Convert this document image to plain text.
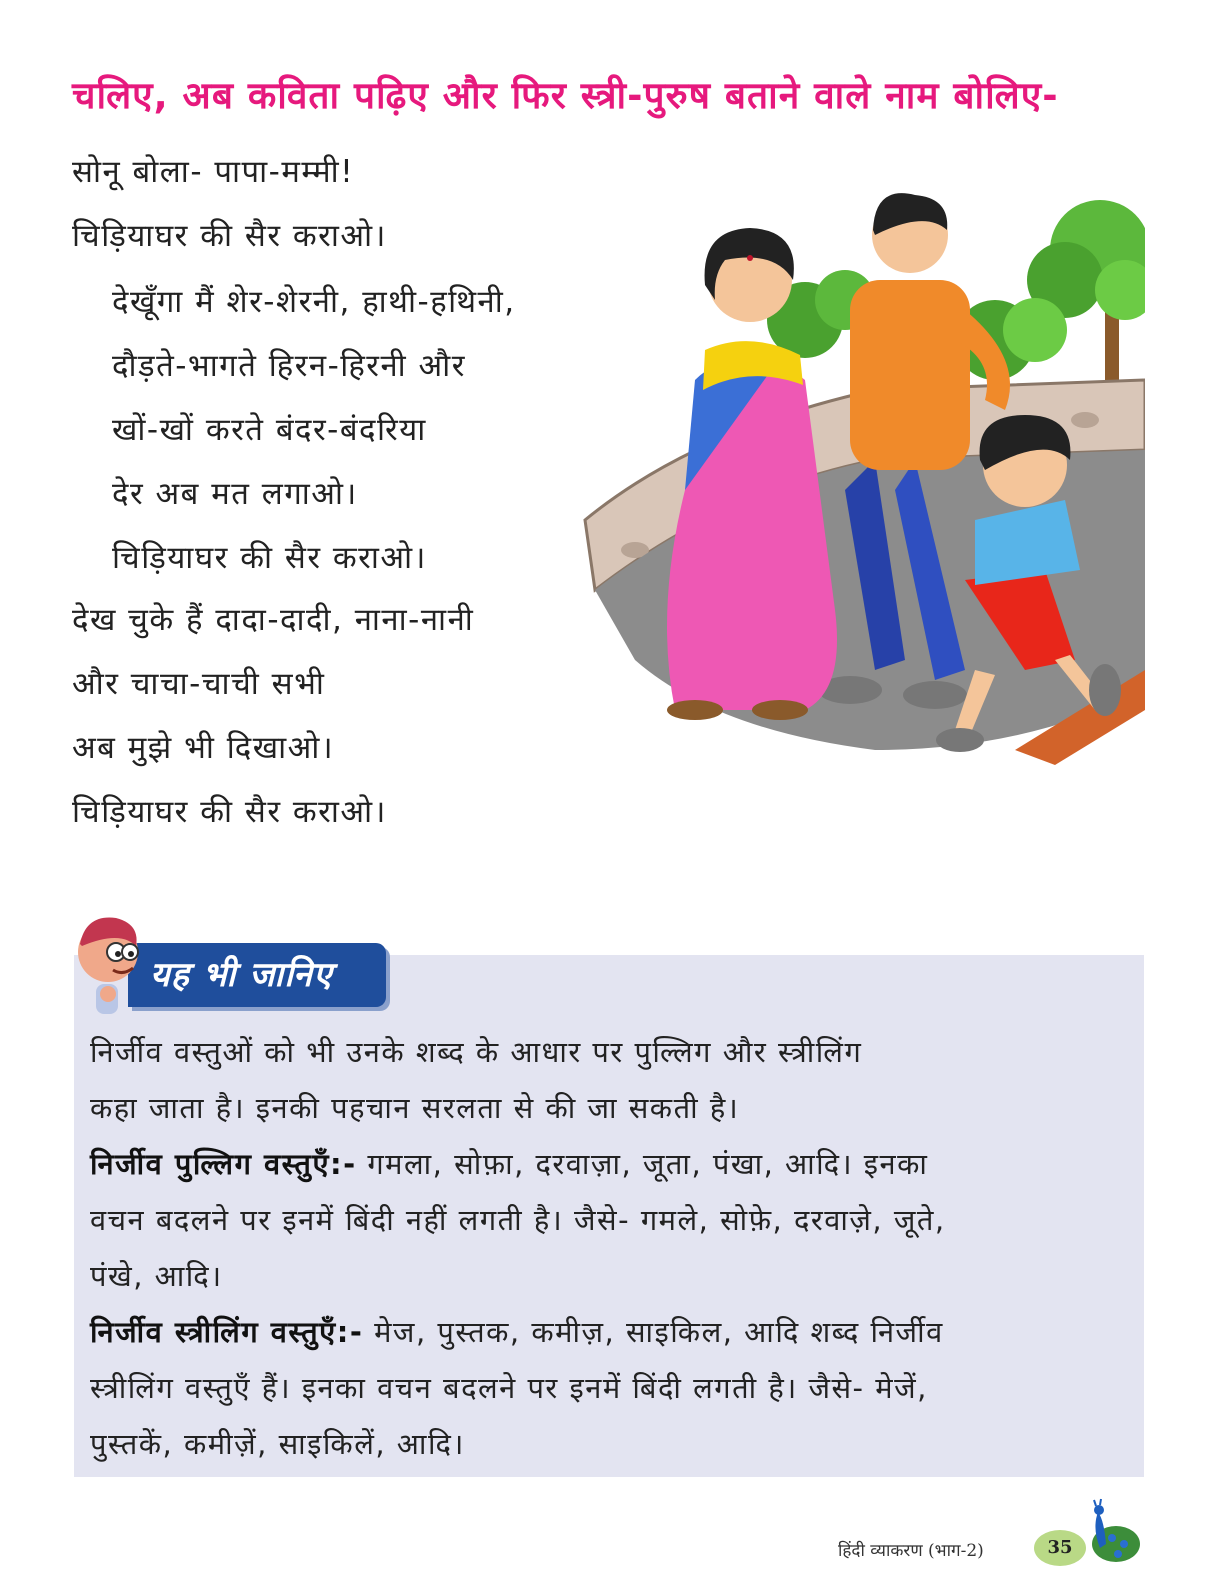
चलिए, अब कविता पढ़िए और फिर स्त्री-पुरुष बताने वाले नाम बोलिए-
सोनू बोला- पापा-मम्मी!
चिड़ियाघर की सैर कराओ।
देखूँगा मैं शेर-शेरनी, हाथी-हथिनी,
दौड़ते-भागते हिरन-हिरनी और
खों-खों करते बंदर-बंदरिया
देर अब मत लगाओ।
चिड़ियाघर की सैर कराओ।
देख चुके हैं दादा-दादी, नाना-नानी
और चाचा-चाची सभी
अब मुझे भी दिखाओ।
चिड़ियाघर की सैर कराओ।
यह भी जानिए
निर्जीव वस्तुओं को भी उनके शब्द के आधार पर पुल्लिग और स्त्रीलिंग
कहा जाता है। इनकी पहचान सरलता से की जा सकती है।
निर्जीव पुल्लिग वस्तुएँ:- गमला, सोफ़ा, दरवाज़ा, जूता, पंखा, आदि। इनका
वचन बदलने पर इनमें बिंदी नहीं लगती है। जैसे- गमले, सोफ़े, दरवाज़े, जूते,
पंखे, आदि।
निर्जीव स्त्रीलिंग वस्तुएँ:- मेज, पुस्तक, कमीज़, साइकिल, आदि शब्द निर्जीव
स्त्रीलिंग वस्तुएँ हैं। इनका वचन बदलने पर इनमें बिंदी लगती है। जैसे- मेजें,
पुस्तकें, कमीज़ें, साइकिलें, आदि।
हिंदी व्याकरण (भाग-2)	35
